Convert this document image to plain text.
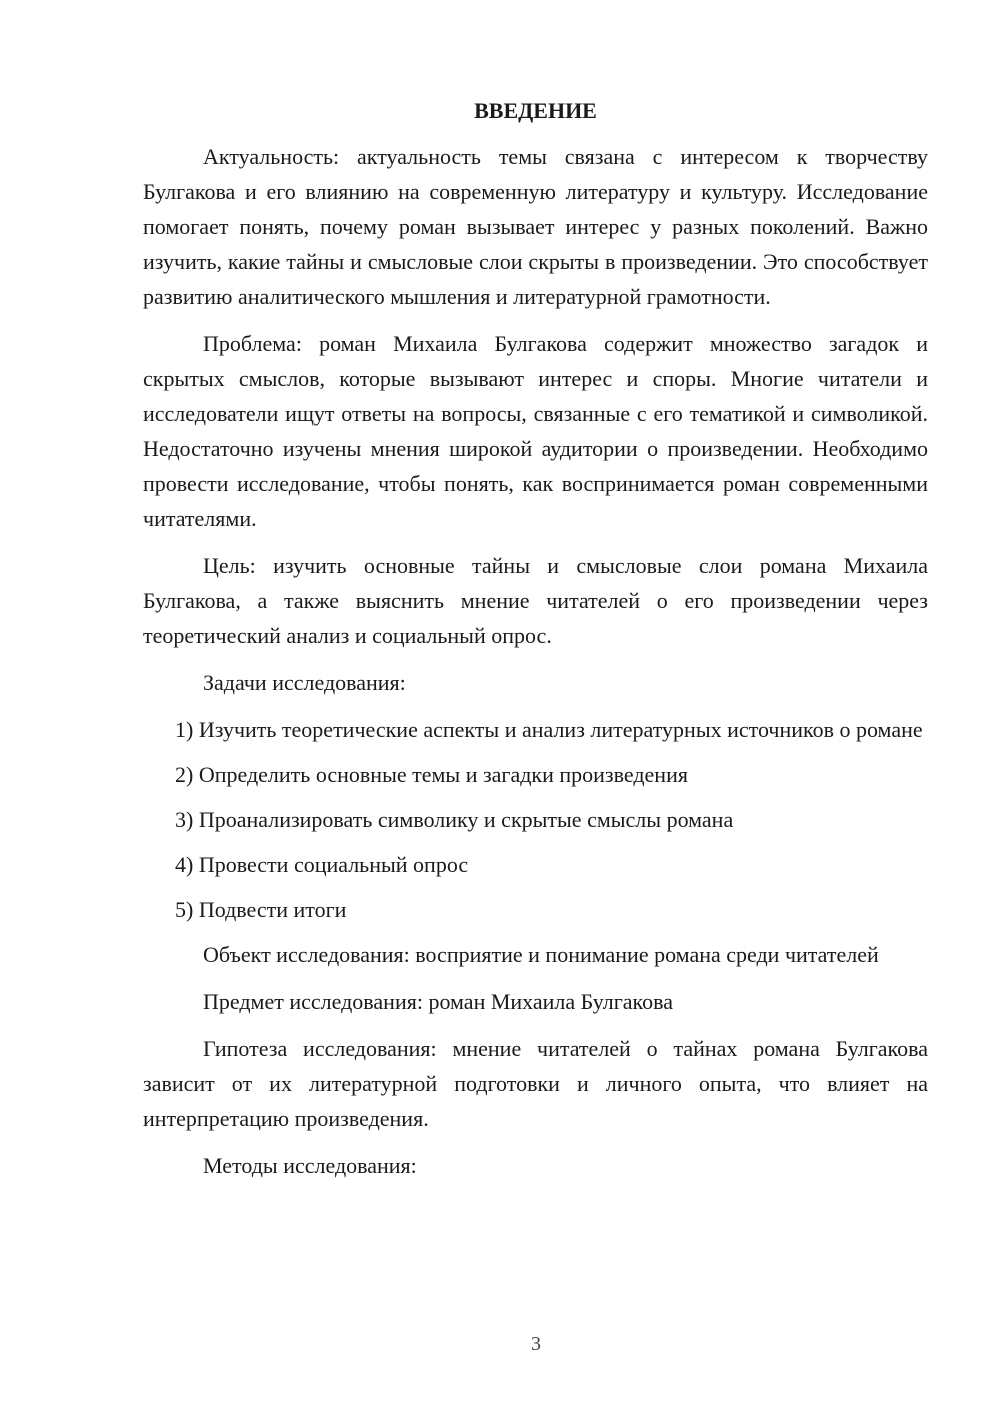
ВВЕДЕНИЕ
Актуальность: актуальность темы связана с интересом к творчеству Булгакова и его влиянию на современную литературу и культуру. Исследование помогает понять, почему роман вызывает интерес у разных поколений. Важно изучить, какие тайны и смысловые слои скрыты в произведении. Это способствует развитию аналитического мышления и литературной грамотности.
Проблема: роман Михаила Булгакова содержит множество загадок и скрытых смыслов, которые вызывают интерес и споры. Многие читатели и исследователи ищут ответы на вопросы, связанные с его тематикой и символикой. Недостаточно изучены мнения широкой аудитории о произведении. Необходимо провести исследование, чтобы понять, как воспринимается роман современными читателями.
Цель: изучить основные тайны и смысловые слои романа Михаила Булгакова, а также выяснить мнение читателей о его произведении через теоретический анализ и социальный опрос.
Задачи исследования:
1) Изучить теоретические аспекты и анализ литературных источников о романе
2) Определить основные темы и загадки произведения
3) Проанализировать символику и скрытые смыслы романа
4) Провести социальный опрос
5) Подвести итоги
Объект исследования: восприятие и понимание романа среди читателей
Предмет исследования: роман Михаила Булгакова
Гипотеза исследования: мнение читателей о тайнах романа Булгакова зависит от их литературной подготовки и личного опыта, что влияет на интерпретацию произведения.
Методы исследования:
3
